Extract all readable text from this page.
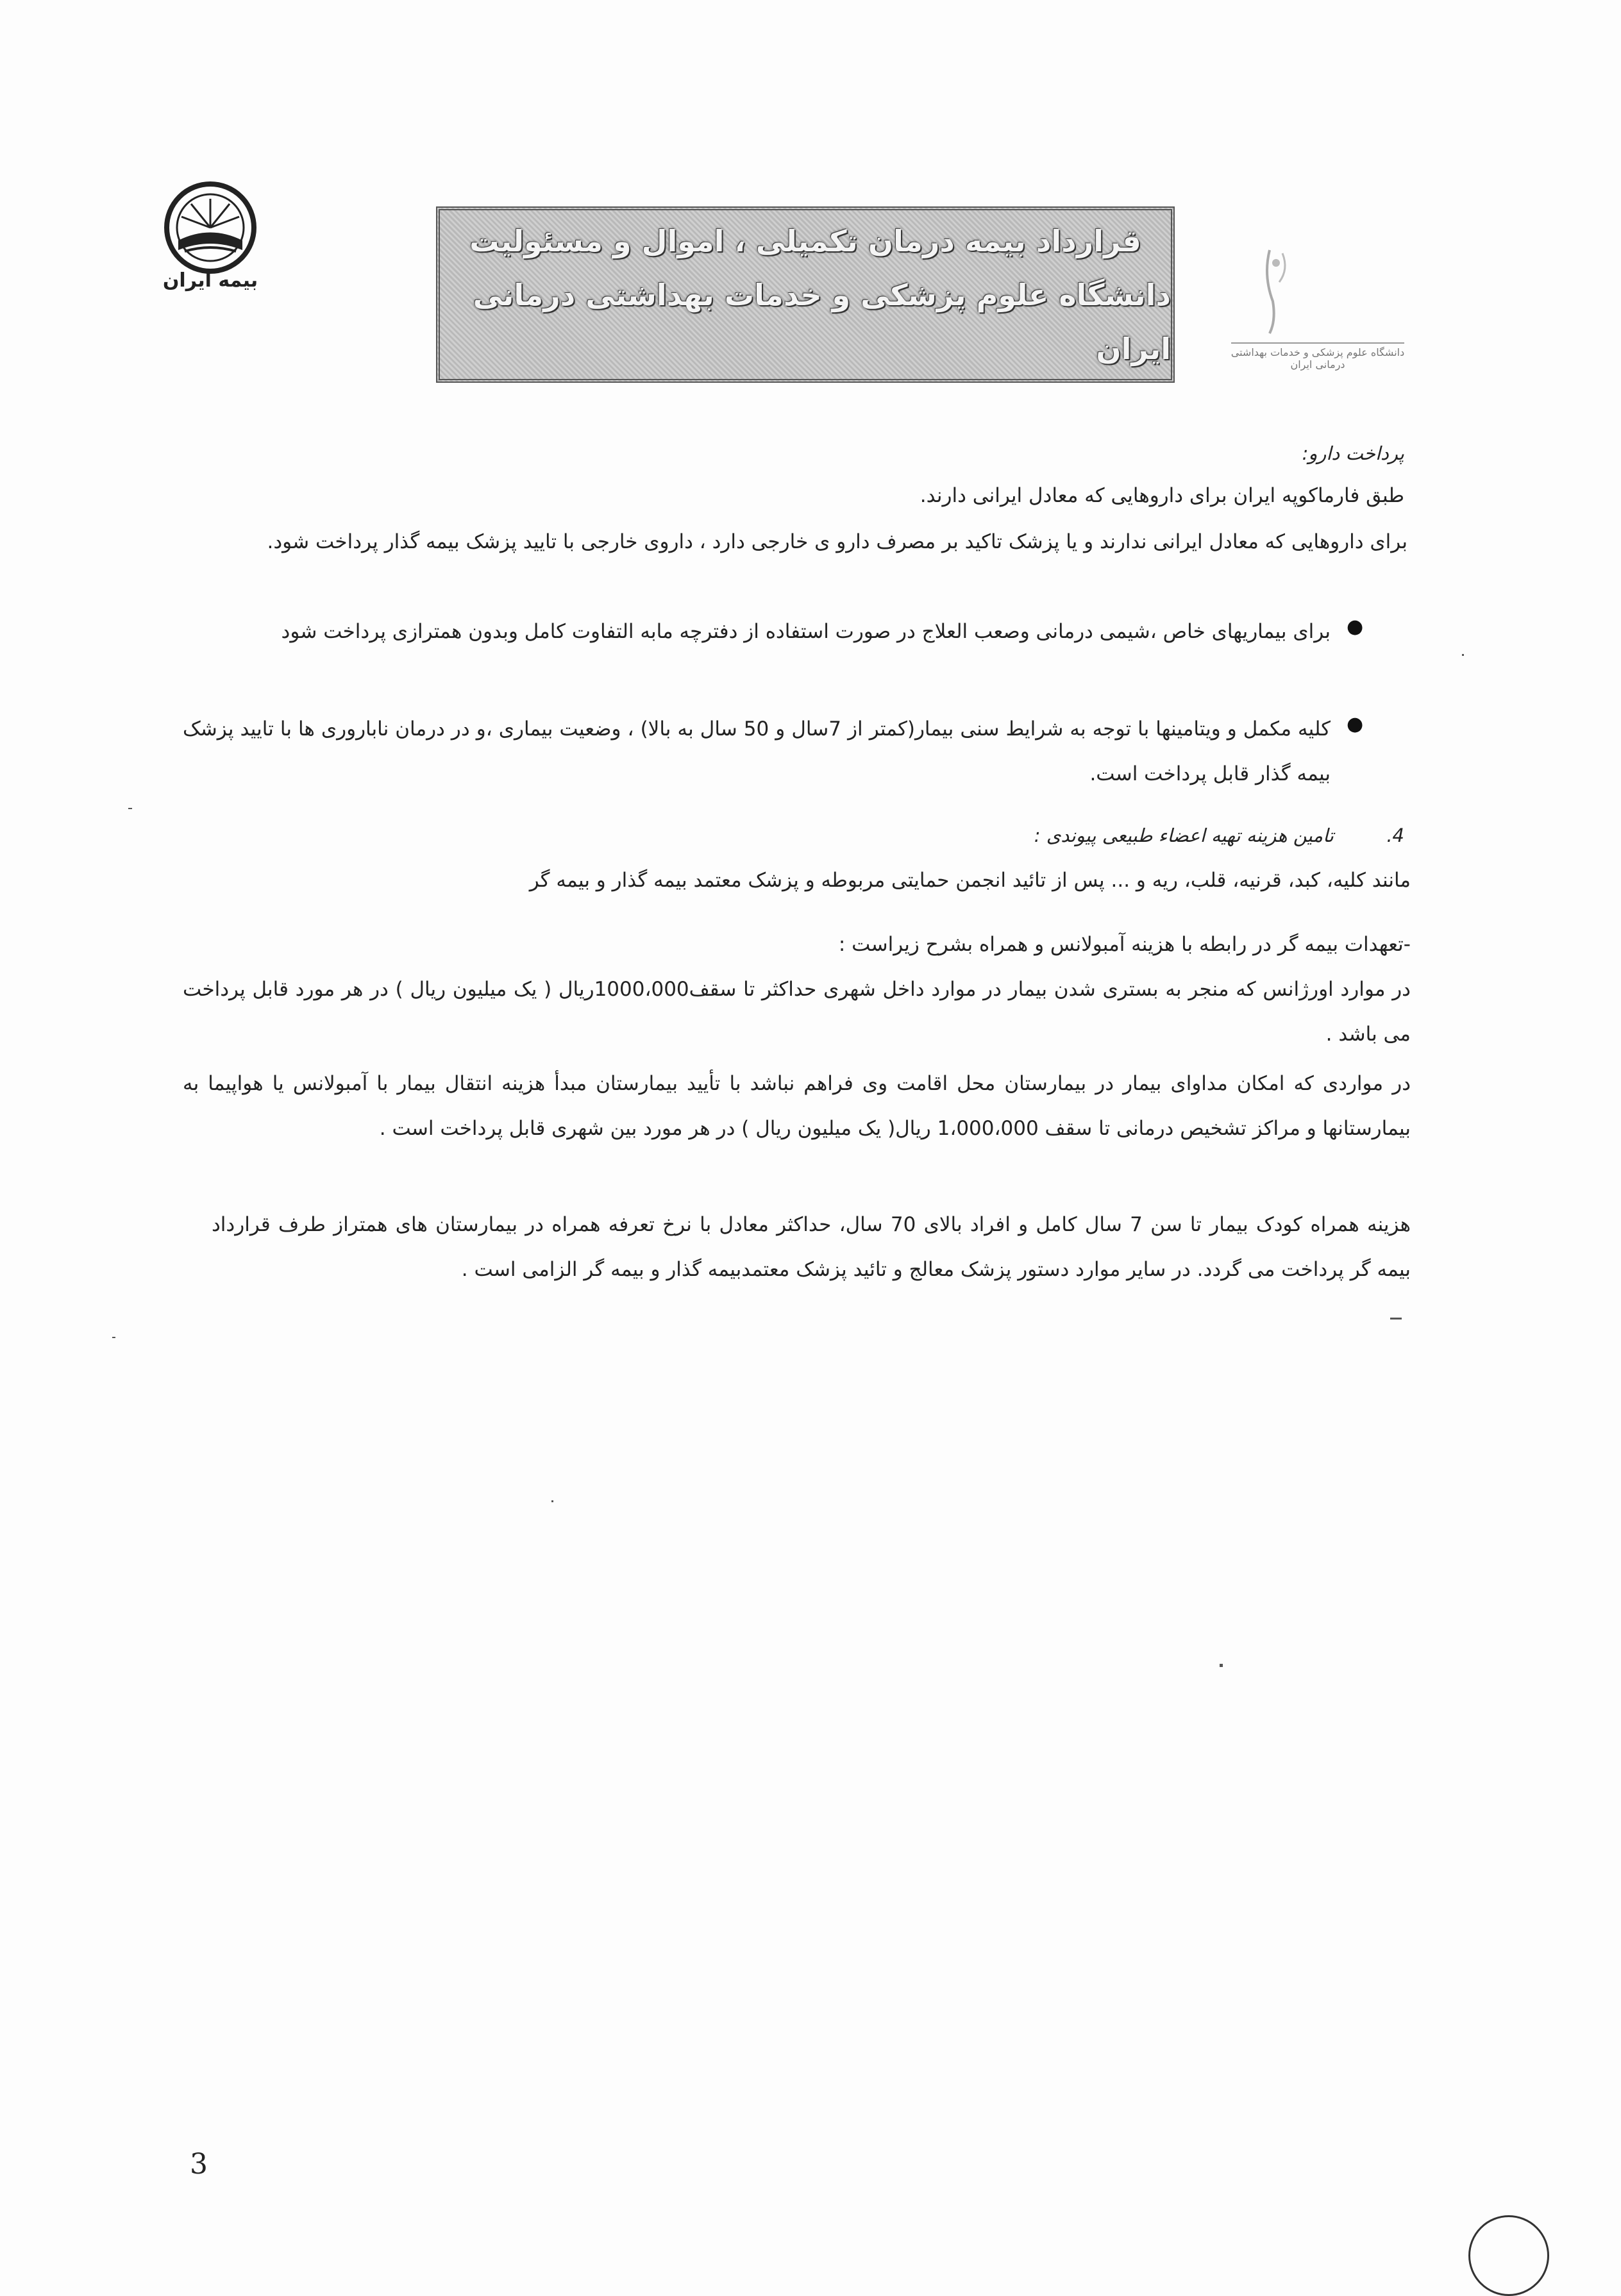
بیمه ایران
قرارداد بیمه درمان تکمیلی ، اموال و مسئولیت
دانشگاه علوم پزشکی و خدمات بهداشتی درمانی ایران	دانشگاه علوم پزشکی و خدمات بهداشتی درمانی ایران
پرداخت دارو:
طبق فارماکوپه ایران برای داروهایی که معادل ایرانی دارند.
برای داروهایی که معادل ایرانی ندارند و یا پزشک تاکید بر مصرف دارو ی خارجی دارد ، داروی خارجی با تایید پزشک بیمه گذار پرداخت شود.
●
برای بیماریهای خاص ،شیمی درمانی وصعب العلاج در صورت استفاده از دفترچه مابه التفاوت کامل وبدون همترازی پرداخت شود
●
کلیه مکمل و ویتامینها با توجه به شرایط سنی بیمار(کمتر از 7سال و 50 سال به بالا) ، وضعیت بیماری ،و در درمان ناباروری ها با تایید پزشک بیمه گذار قابل پرداخت است.
4.
تامین هزینه تهیه اعضاء طبیعی پیوندی :
مانند کلیه، کبد، قرنیه، قلب، ریه و ... پس از تائید انجمن حمایتی مربوطه و پزشک معتمد بیمه گذار و بیمه گر
-تعهدات بیمه گر در رابطه با هزینه آمبولانس و همراه بشرح زیراست :
در موارد اورژانس که منجر به بستری شدن بیمار در موارد داخل شهری حداکثر تا سقف1000،000ریال ( یک میلیون ریال ) در هر مورد قابل پرداخت می باشد .
در مواردی که امکان مداوای بیمار در بیمارستان محل اقامت وی فراهم نباشد با تأیید بیمارستان مبدأ هزینه انتقال بیمار با آمبولانس یا هواپیما به بیمارستانها و مراکز تشخیص درمانی تا سقف 1،000،000 ریال( یک میلیون ریال ) در هر مورد بین شهری قابل پرداخت است .
هزینه همراه کودک بیمار تا سن 7 سال کامل و افراد بالای 70 سال، حداکثر معادل با نرخ تعرفه همراه در بیمارستان های همتراز طرف قرارداد بیمه گر پرداخت می گردد. در سایر موارد دستور پزشک معالج و تائید پزشک معتمدبیمه گذار و بیمه گر الزامی است .
3
